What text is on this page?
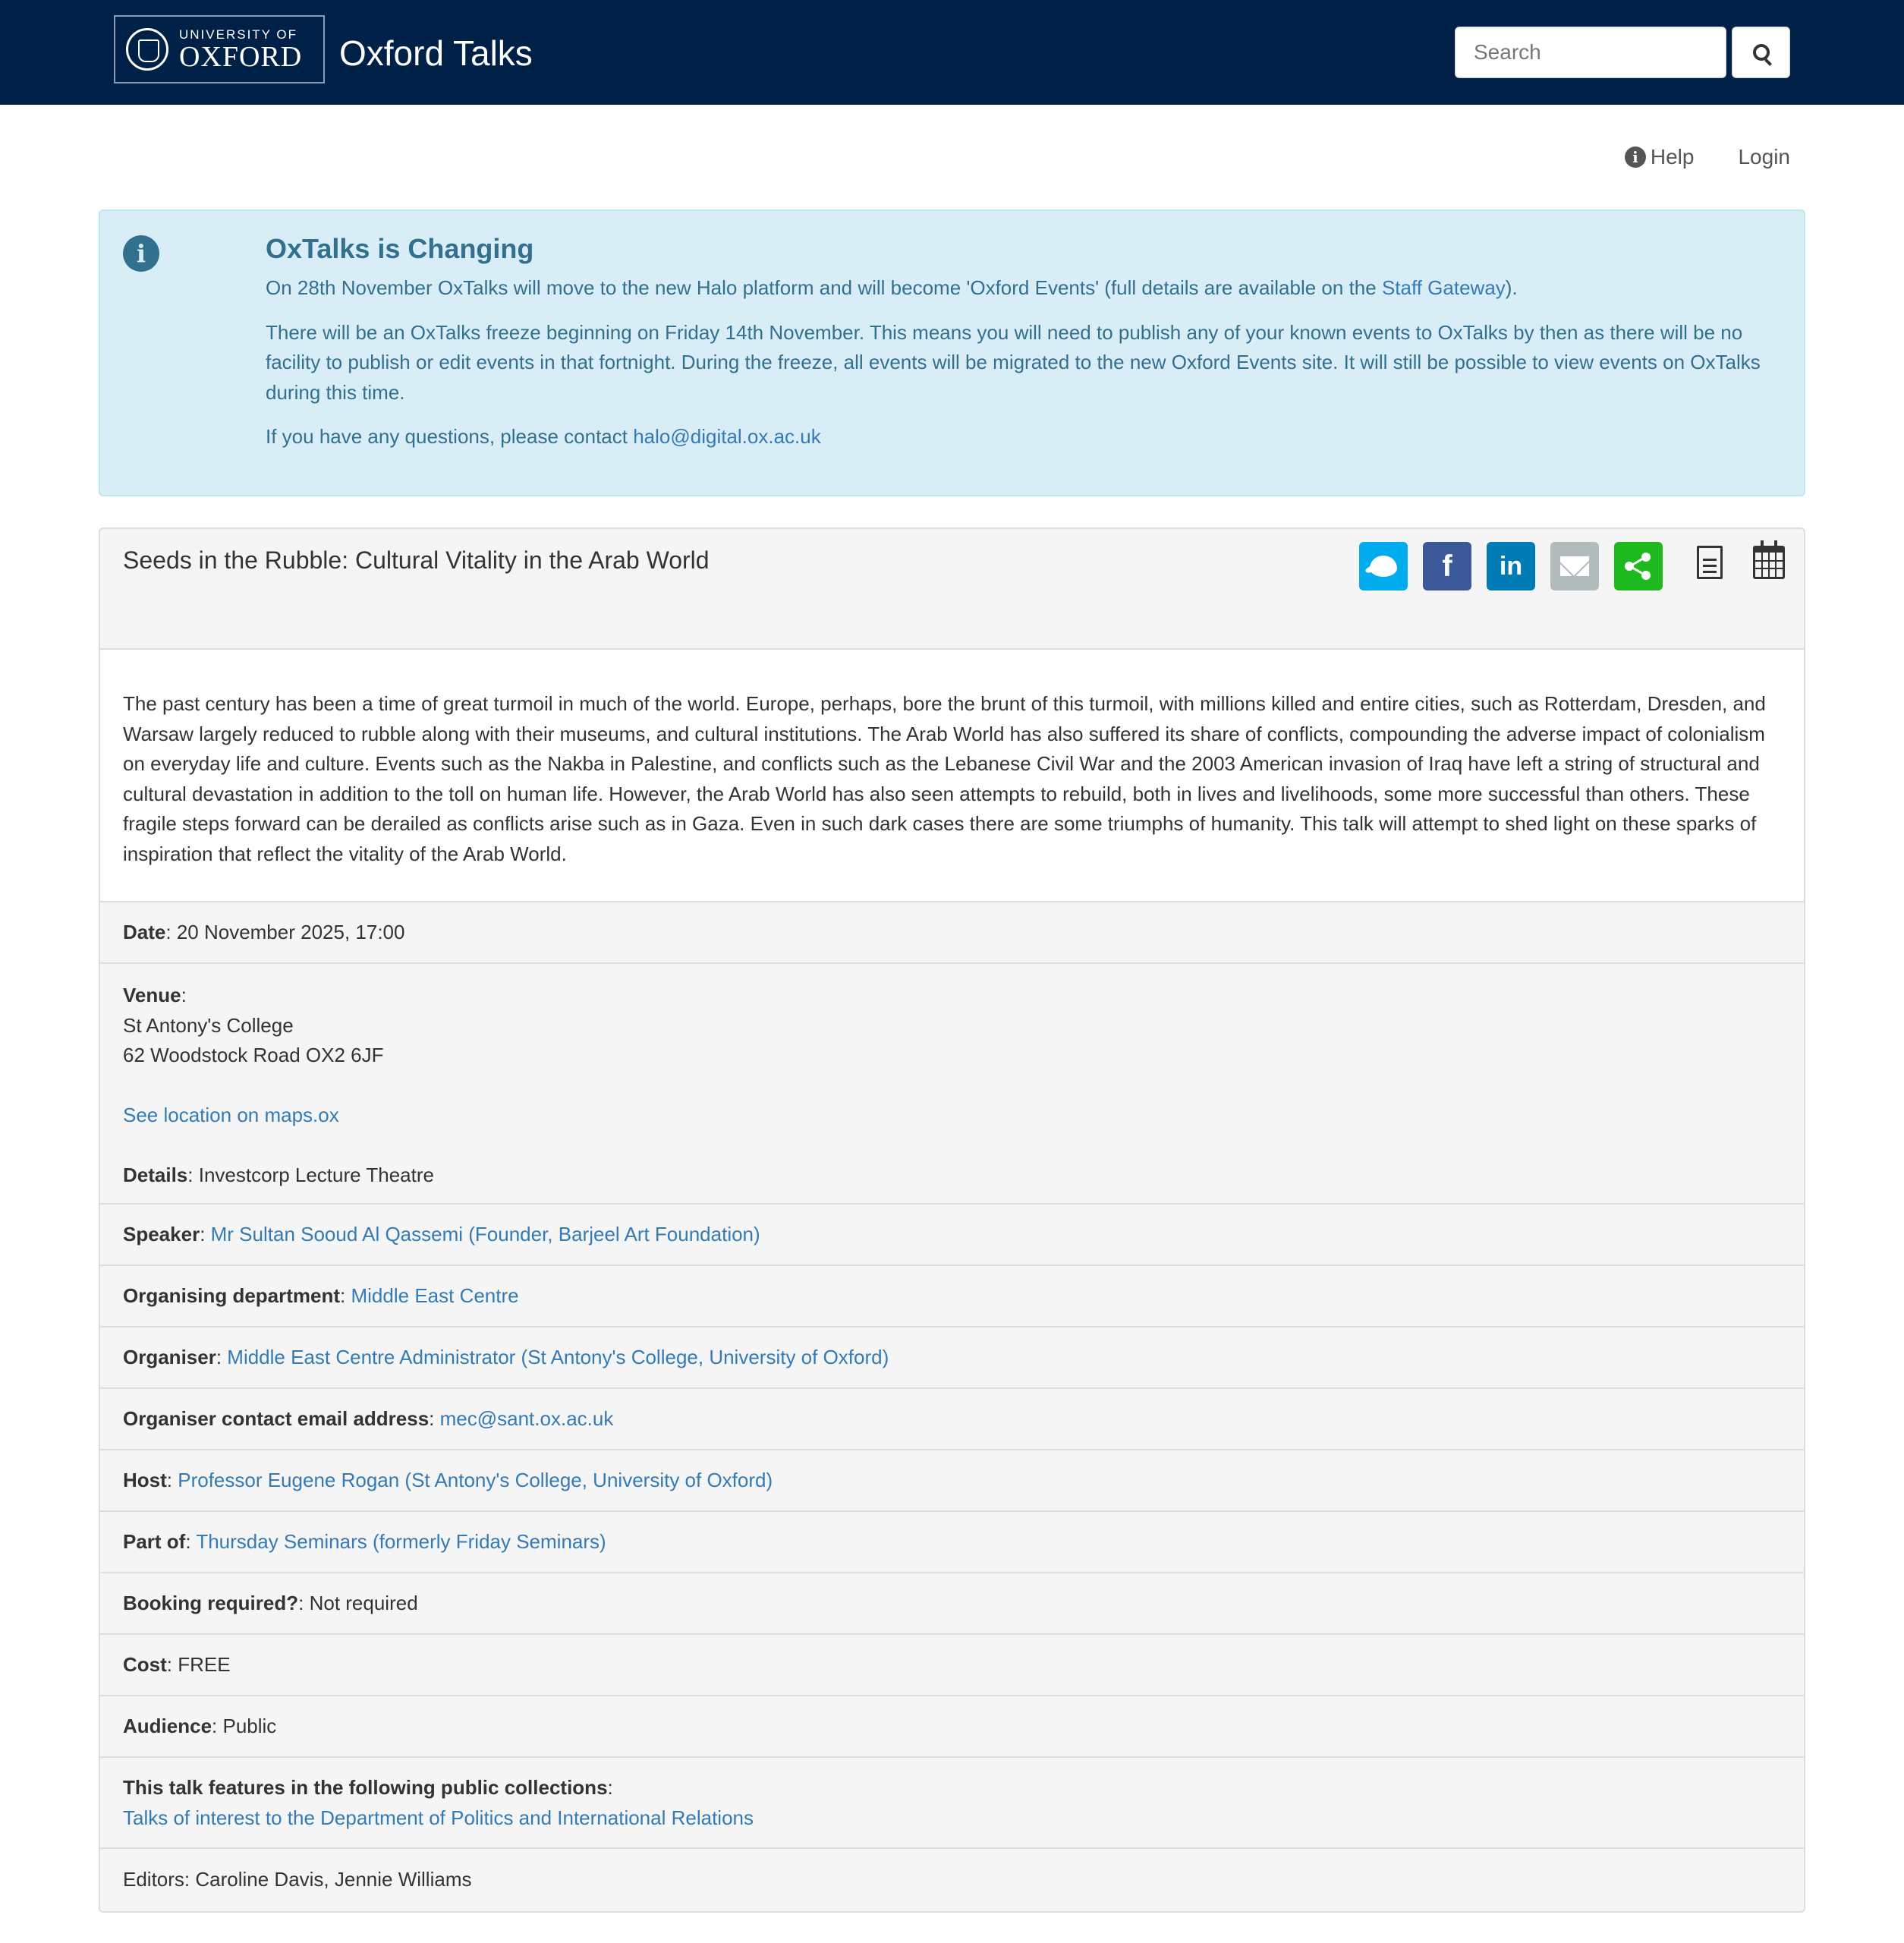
UNIVERSITY OF
OXFORD Oxford Talks
Search
i Help Login
i	OxTalks is Changing

On 28th November OxTalks will move to the new Halo platform and will become 'Oxford Events' (full details are available on the Staff Gateway).

There will be an OxTalks freeze beginning on Friday 14th November. This means you will need to publish any of your known events to OxTalks by then as there will be no facility to publish or edit events in that fortnight. During the freeze, all events will be migrated to the new Oxford Events site. It will still be possible to view events on OxTalks during this time.

If you have any questions, please contact halo@digital.ox.ac.uk

Seeds in the Rubble: Cultural Vitality in the Arab World	f in
The past century has been a time of great turmoil in much of the world. Europe, perhaps, bore the brunt of this turmoil, with millions killed and entire cities, such as Rotterdam, Dresden, and Warsaw largely reduced to rubble along with their museums, and cultural institutions. The Arab World has also suffered its share of conflicts, compounding the adverse impact of colonialism on everyday life and culture. Events such as the Nakba in Palestine, and conflicts such as the Lebanese Civil War and the 2003 American invasion of Iraq have left a string of structural and cultural devastation in addition to the toll on human life. However, the Arab World has also seen attempts to rebuild, both in lives and livelihoods, some more successful than others. These fragile steps forward can be derailed as conflicts arise such as in Gaza. Even in such dark cases there are some triumphs of humanity. This talk will attempt to shed light on these sparks of inspiration that reflect the vitality of the Arab World.
Date: 20 November 2025, 17:00
Venue:
St Antony's College
62 Woodstock Road OX2 6JF
See location on maps.ox
Details: Investcorp Lecture Theatre
Speaker: Mr Sultan Sooud Al Qassemi (Founder, Barjeel Art Foundation)
Organising department: Middle East Centre
Organiser: Middle East Centre Administrator (St Antony's College, University of Oxford)
Organiser contact email address: mec@sant.ox.ac.uk
Host: Professor Eugene Rogan (St Antony's College, University of Oxford)
Part of: Thursday Seminars (formerly Friday Seminars)
Booking required?: Not required
Cost: FREE
Audience: Public
This talk features in the following public collections:
Talks of interest to the Department of Politics and International Relations
Editors: Caroline Davis, Jennie Williams
